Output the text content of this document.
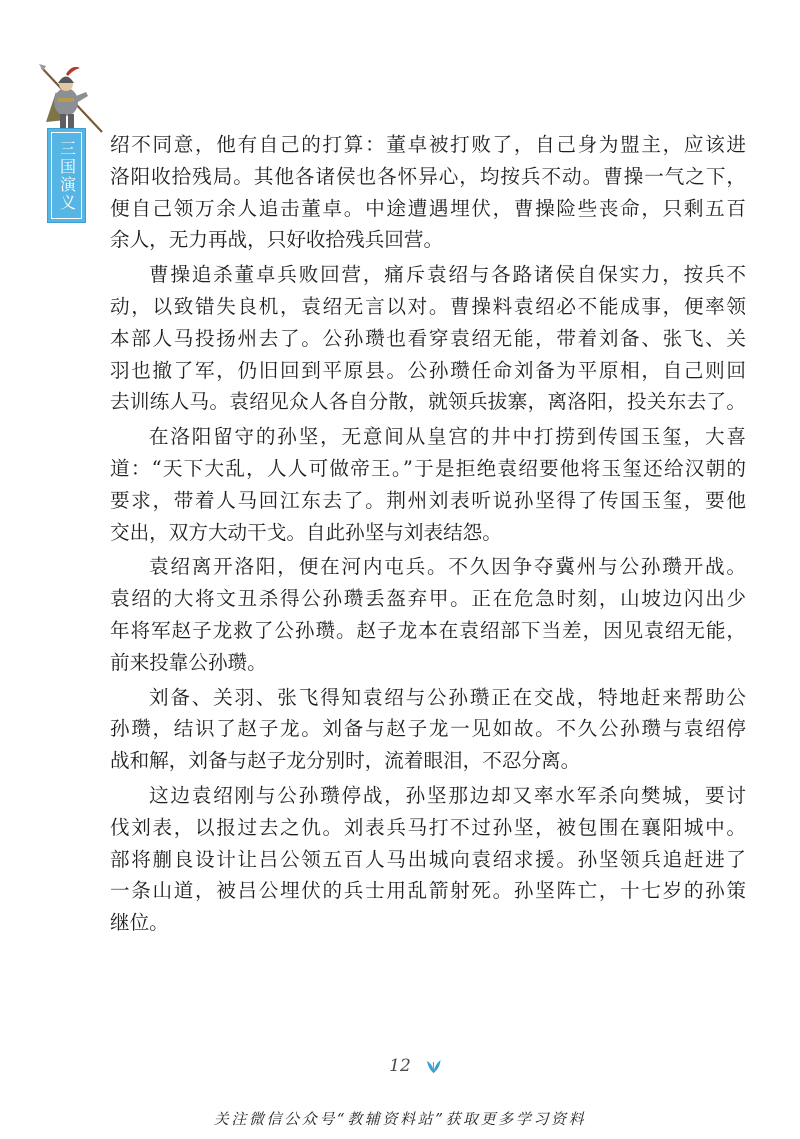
三国演义 绍不同意，他有自己的打算：董卓被打败了，自己身为盟主，应该进
洛阳收拾残局。其他各诸侯也各怀异心，均按兵不动。曹操一气之下，
便自己领万余人追击董卓。中途遭遇埋伏，曹操险些丧命，只剩五百
余人，无力再战，只好收拾残兵回营。
曹操追杀董卓兵败回营，痛斥袁绍与各路诸侯自保实力，按兵不
动，以致错失良机，袁绍无言以对。曹操料袁绍必不能成事，便率领
本部人马投扬州去了。公孙瓒也看穿袁绍无能，带着刘备、张飞、关
羽也撤了军，仍旧回到平原县。公孙瓒任命刘备为平原相，自己则回
去训练人马。袁绍见众人各自分散，就领兵拔寨，离洛阳，投关东去了。
在洛阳留守的孙坚，无意间从皇宫的井中打捞到传国玉玺，大喜
道：“天下大乱，人人可做帝王。”于是拒绝袁绍要他将玉玺还给汉朝的
要求，带着人马回江东去了。荆州刘表听说孙坚得了传国玉玺，要他
交出，双方大动干戈。自此孙坚与刘表结怨。
袁绍离开洛阳，便在河内屯兵。不久因争夺冀州与公孙瓒开战。
袁绍的大将文丑杀得公孙瓒丢盔弃甲。正在危急时刻，山坡边闪出少
年将军赵子龙救了公孙瓒。赵子龙本在袁绍部下当差，因见袁绍无能，
前来投靠公孙瓒。
刘备、关羽、张飞得知袁绍与公孙瓒正在交战，特地赶来帮助公
孙瓒，结识了赵子龙。刘备与赵子龙一见如故。不久公孙瓒与袁绍停
战和解，刘备与赵子龙分别时，流着眼泪，不忍分离。
这边袁绍刚与公孙瓒停战，孙坚那边却又率水军杀向樊城，要讨
伐刘表，以报过去之仇。刘表兵马打不过孙坚，被包围在襄阳城中。
部将蒯良设计让吕公领五百人马出城向袁绍求援。孙坚领兵追赶进了
一条山道，被吕公埋伏的兵士用乱箭射死。孙坚阵亡，十七岁的孙策
继位。
12
关注微信公众号“教辅资料站”获取更多学习资料
